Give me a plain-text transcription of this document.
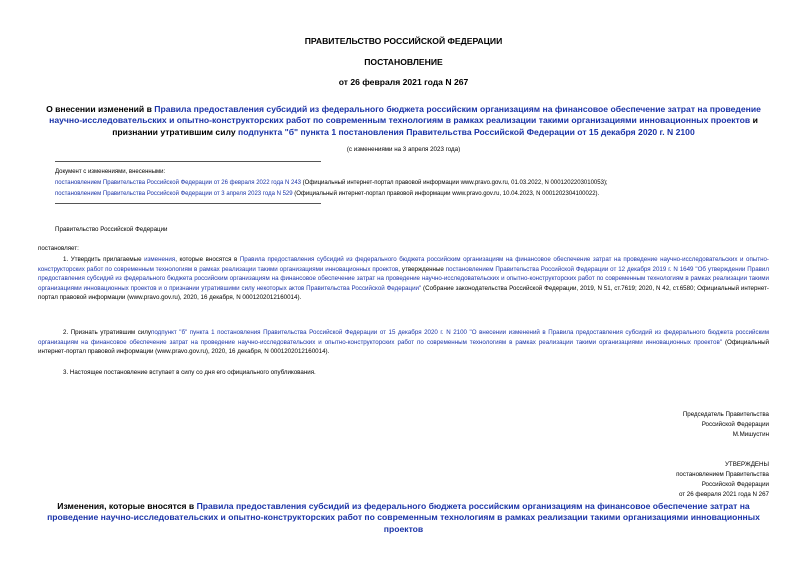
ПРАВИТЕЛЬСТВО РОССИЙСКОЙ ФЕДЕРАЦИИ
ПОСТАНОВЛЕНИЕ
от 26 февраля 2021 года N 267
О внесении изменений в Правила предоставления субсидий из федерального бюджета российским организациям на финансовое обеспечение затрат на проведение научно-исследовательских и опытно-конструкторских работ по современным технологиям в рамках реализации такими организациями инновационных проектов и признании утратившим силу подпункта "б" пункта 1 постановления Правительства Российской Федерации от 15 декабря 2020 г. N 2100
(с изменениями на 3 апреля 2023 года)
Документ с изменениями, внесенными:
постановлением Правительства Российской Федерации от 26 февраля 2022 года N 243 (Официальный интернет-портал правовой информации www.pravo.gov.ru, 01.03.2022, N 0001202203010053);
постановлением Правительства Российской Федерации от 3 апреля 2023 года N 529 (Официальный интернет-портал правовой информации www.pravo.gov.ru, 10.04.2023, N 0001202304100022).
Правительство Российской Федерации
постановляет:
1. Утвердить прилагаемые изменения, которые вносятся в Правила предоставления субсидий из федерального бюджета российским организациям на финансовое обеспечение затрат на проведение научно-исследовательских и опытно-конструкторских работ по современным технологиям в рамках реализации такими организациями инновационных проектов, утвержденные постановлением Правительства Российской Федерации от 12 декабря 2019 г. N 1649 "Об утверждении Правил предоставления субсидий из федерального бюджета российским организациям на финансовое обеспечение затрат на проведение научно-исследовательских и опытно-конструкторских работ по современным технологиям в рамках реализации такими организациями инновационных проектов и о признании утратившими силу некоторых актов Правительства Российской Федерации" (Собрание законодательства Российской Федерации, 2019, N 51, ст.7619; 2020, N 42, ст.6580; Официальный интернет-портал правовой информации (www.pravo.gov.ru), 2020, 16 декабря, N 0001202012160014).
2. Признать утратившим силуподпункт "б" пункта 1 постановления Правительства Российской Федерации от 15 декабря 2020 г. N 2100 "О внесении изменений в Правила предоставления субсидий из федерального бюджета российским организациям на финансовое обеспечение затрат на проведение научно-исследовательских и опытно-конструкторских работ по современным технологиям в рамках реализации такими организациями инновационных проектов" (Официальный интернет-портал правовой информации (www.pravo.gov.ru), 2020, 16 декабря, N 0001202012160014).
3. Настоящее постановление вступает в силу со дня его официального опубликования.
Председатель Правительства
Российской Федерации
М.Мишустин
УТВЕРЖДЕНЫ
постановлением Правительства
Российской Федерации
от 26 февраля 2021 года N 267
Изменения, которые вносятся в Правила предоставления субсидий из федерального бюджета российским организациям на финансовое обеспечение затрат на проведение научно-исследовательских и опытно-конструкторских работ по современным технологиям в рамках реализации такими организациями инновационных проектов
